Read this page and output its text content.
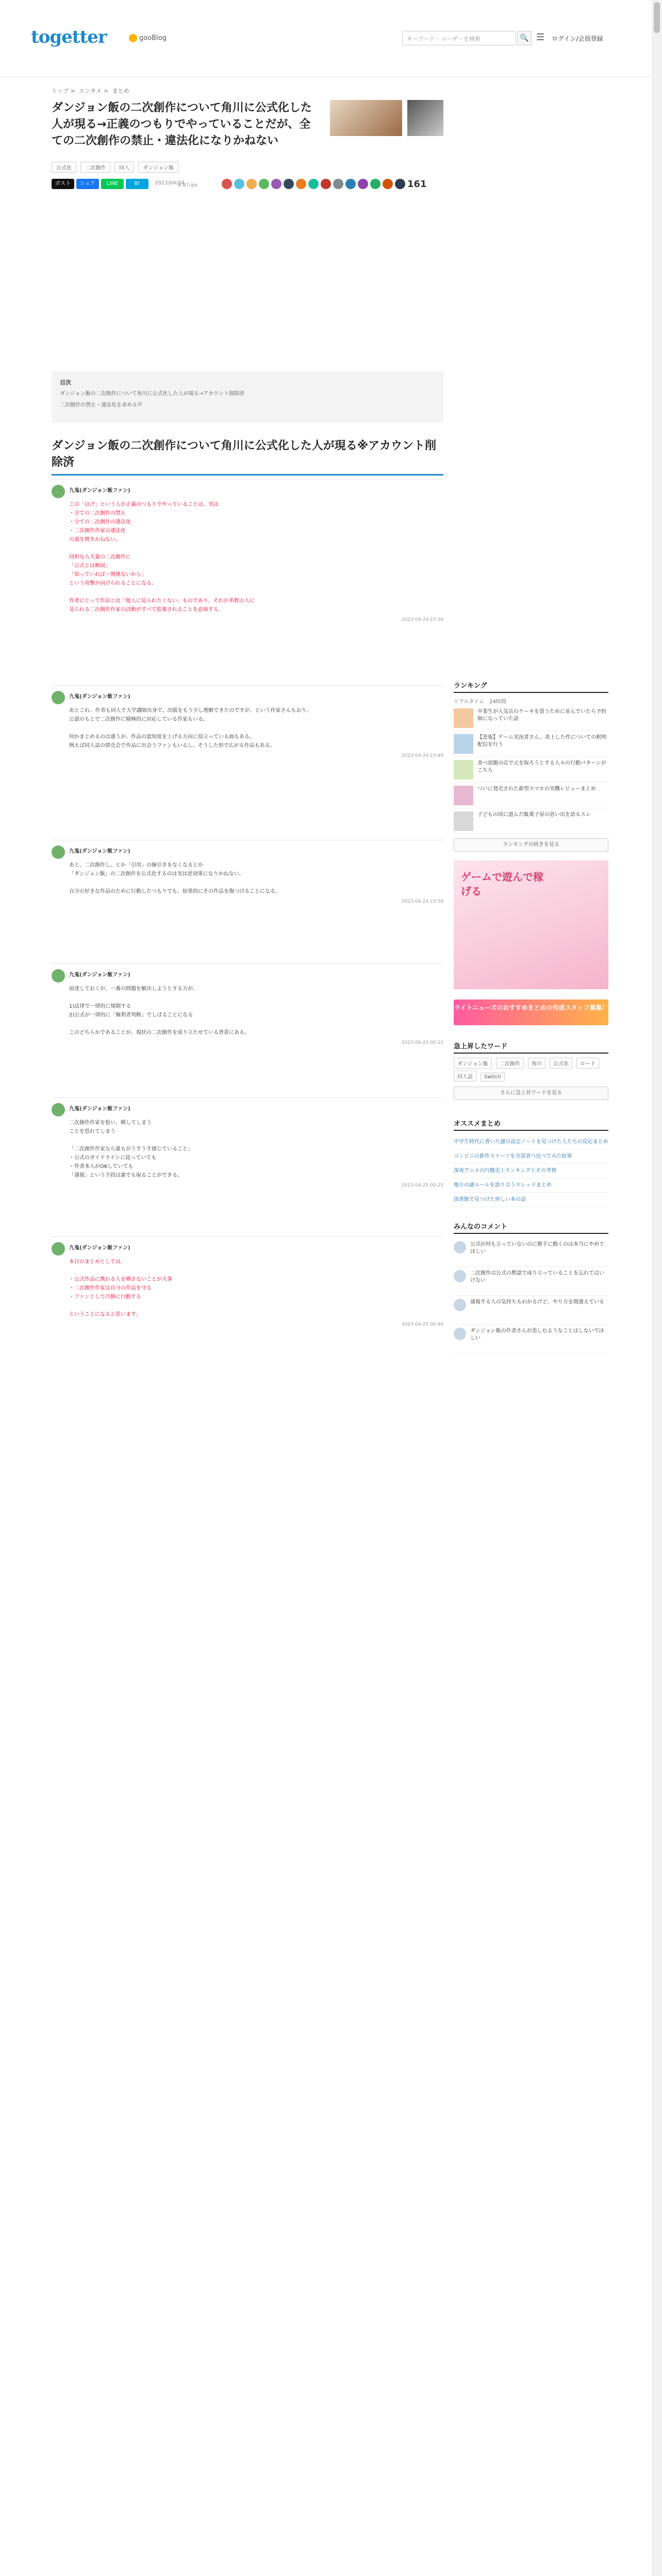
togetter	gooBlog	キーワード・ユーザーを検索	🔍 ☰ ログイン/会員登録
トップ > エンタメ > まとめ
ダンジョン飯の二次創作について角川に公式化した人が現る→正義のつもりでやっていることだが、全ての二次創作の禁止・違法化になりかねない
公式化	二次創作	同人	ダンジョン飯
ポスト	シェア	LINE	B!	2023/04/24
8.8万pv	161
目次
ダンジョン飯の二次創作について角川に公式化した人が現る→アカウント削除済
二次創作の禁止・違法化を求める声
ダンジョン飯の二次創作について角川に公式化した人が現る※アカウント削除済
九鬼(ダンジョン飯ファン)
この「はげ」という人が正義のつもりでやっていることは、実は
・全ての二次創作の禁止
・全ての二次創作の違法化
・二次創作作家の違法化
の道を開きかねない。

同担なら大量の二次創作に
「公式とは断固」
「知っていれば〜関係ないから」
という攻撃が向けられることになる。

作者にとって作品とは「他人に見られたくない」ものであり、それが多数の人に
見られる二次創作作家の活動がすべて監視されることを意味する。
2023-04-24 23:34
九鬼(ダンジョン飯ファン)
あとこれ、作者も同人で大学講師出身で、出版をもう少し理解できたのですが、という作家さんもおり、
公認のもとで二次創作に積極的に対応している作家もいる。

何かまとめるのは違うが、作品の認知度を上げる方向に役立っている面もある。
例えば同人誌の即売会で作品に出会うファンもいるし、そうした形で広がる作品もある。
2023-04-24 23:49
九鬼(ダンジョン飯ファン)
あと、二次創作し、とか「引用」の線引きをなくなるとか
「ダンジョン飯」の二次創作を公式化するのは実は逆効果になりかねない。

自分の好きな作品のために行動したつもりでも、結果的にその作品を傷つけることになる。
2023-04-24 23:58
九鬼(ダンジョン飯ファン)
前述しておくが、一番の問題を解決しようとする方が、

1)法律で一律的に規制する
2)公式が一律的に「権利者判断」でしばることになる

このどちらかであることが、現状の二次創作を成り立たせている背景にある。
2023-04-25 00:12
九鬼(ダンジョン飯ファン)
二次創作作家を狙い、晒してしまう
ことを恐れてしまう

「二次創作作家なら誰もがうすうす感じていること」
・公式のガイドラインに従っていても
・作者本人がOKしていても
「通報」という手段は誰でも取ることができる。
2023-04-25 00:25
九鬼(ダンジョン飯ファン)
本日のまとめとしては、

・公式作品に携わる人を晒さないことが大事
・二次創作作家は自分の作品を守る
・ファンとして冷静に行動する

ということになると思います。
2023-04-25 00:40
ランキング
リアルタイム 24時間
卒業生が人気店のケーキを買うために並んでいたら予約制になっていた話
【悲報】ゲーム実況者さん、炎上した件についての釈明配信を行う
食べ放題の店で元を取ろうとする人々の行動パターンがこちら
ついに発売された新型スマホの実機レビューまとめ
子どもの頃に遊んだ駄菓子屋の思い出を語るスレ
ランキングの続きを見る
ゲームで遊んで稼げる
ライトニューズのおすすめまとめの作成スタッフ募集！
急上昇したワード
ダンジョン飯 二次創作 角川 公式化 ロード 同人誌 Switch
さらに急上昇ワードを見る
オススメまとめ
中学生時代に書いた謎の設定ノートを見つけた人たちの反応まとめ
コンビニの新作スイーツを全部食べ比べてみた結果
深夜アニメの円盤売上ランキングとその考察
地方の謎ルールを語り合うスレッドまとめ
図書館で見つけた珍しい本の話
みんなのコメント
公式が何も言っていないのに勝手に動くのは本当にやめてほしい
二次創作は公式の黙認で成り立っていることを忘れてはいけない
通報する人の気持ちもわかるけど、やり方を間違えている
ダンジョン飯の作者さんが悲しむようなことはしないでほしい
